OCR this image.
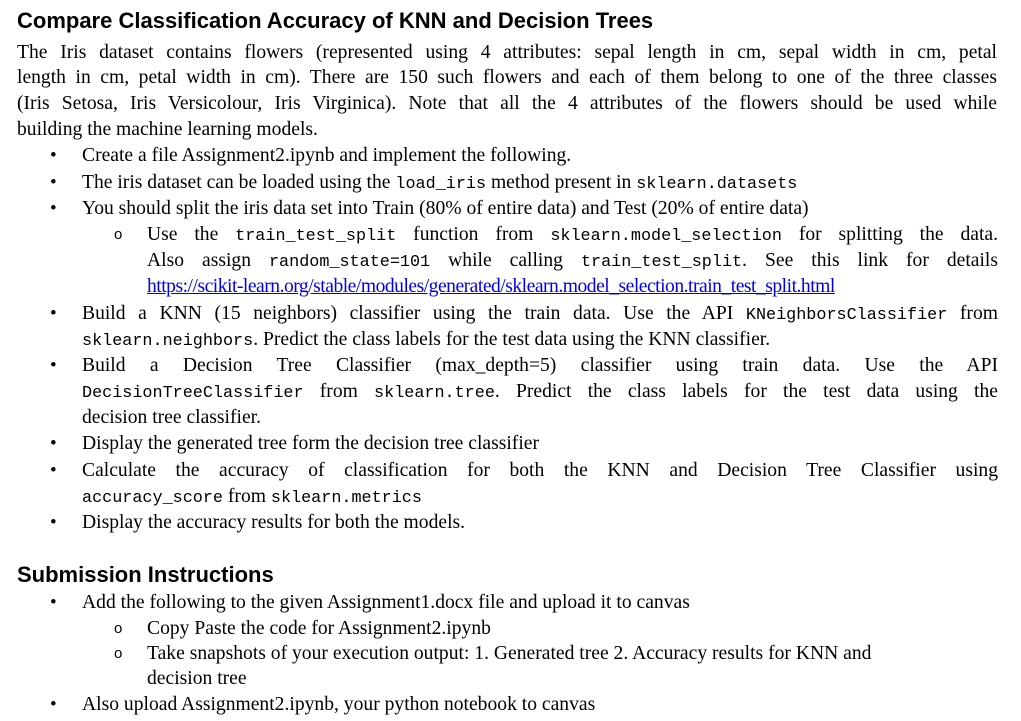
Compare Classification Accuracy of KNN and Decision Trees
The Iris dataset contains flowers (represented using 4 attributes: sepal length in cm, sepal width in cm, petal
length in cm, petal width in cm). There are 150 such flowers and each of them belong to one of the three classes
(Iris Setosa, Iris Versicolour, Iris Virginica). Note that all the 4 attributes of the flowers should be used while
building the machine learning models.
• Create a file Assignment2.ipynb and implement the following.
• The iris dataset can be loaded using the load_iris method present in sklearn.datasets
• You should split the iris data set into Train (80% of entire data) and Test (20% of entire data)
o Use the train_test_split function from sklearn.model_selection for splitting the data.
Also assign random_state=101 while calling train_test_split. See this link for details
https://scikit-learn.org/stable/modules/generated/sklearn.model_selection.train_test_split.html
• Build a KNN (15 neighbors) classifier using the train data. Use the API KNeighborsClassifier from
sklearn.neighbors. Predict the class labels for the test data using the KNN classifier.
• Build a Decision Tree Classifier (max_depth=5) classifier using train data. Use the API
DecisionTreeClassifier from sklearn.tree. Predict the class labels for the test data using the
decision tree classifier.
• Display the generated tree form the decision tree classifier
• Calculate the accuracy of classification for both the KNN and Decision Tree Classifier using
accuracy_score from sklearn.metrics
• Display the accuracy results for both the models.
Submission Instructions
• Add the following to the given Assignment1.docx file and upload it to canvas
o Copy Paste the code for Assignment2.ipynb
o Take snapshots of your execution output: 1. Generated tree 2. Accuracy results for KNN and
decision tree
• Also upload Assignment2.ipynb, your python notebook to canvas
